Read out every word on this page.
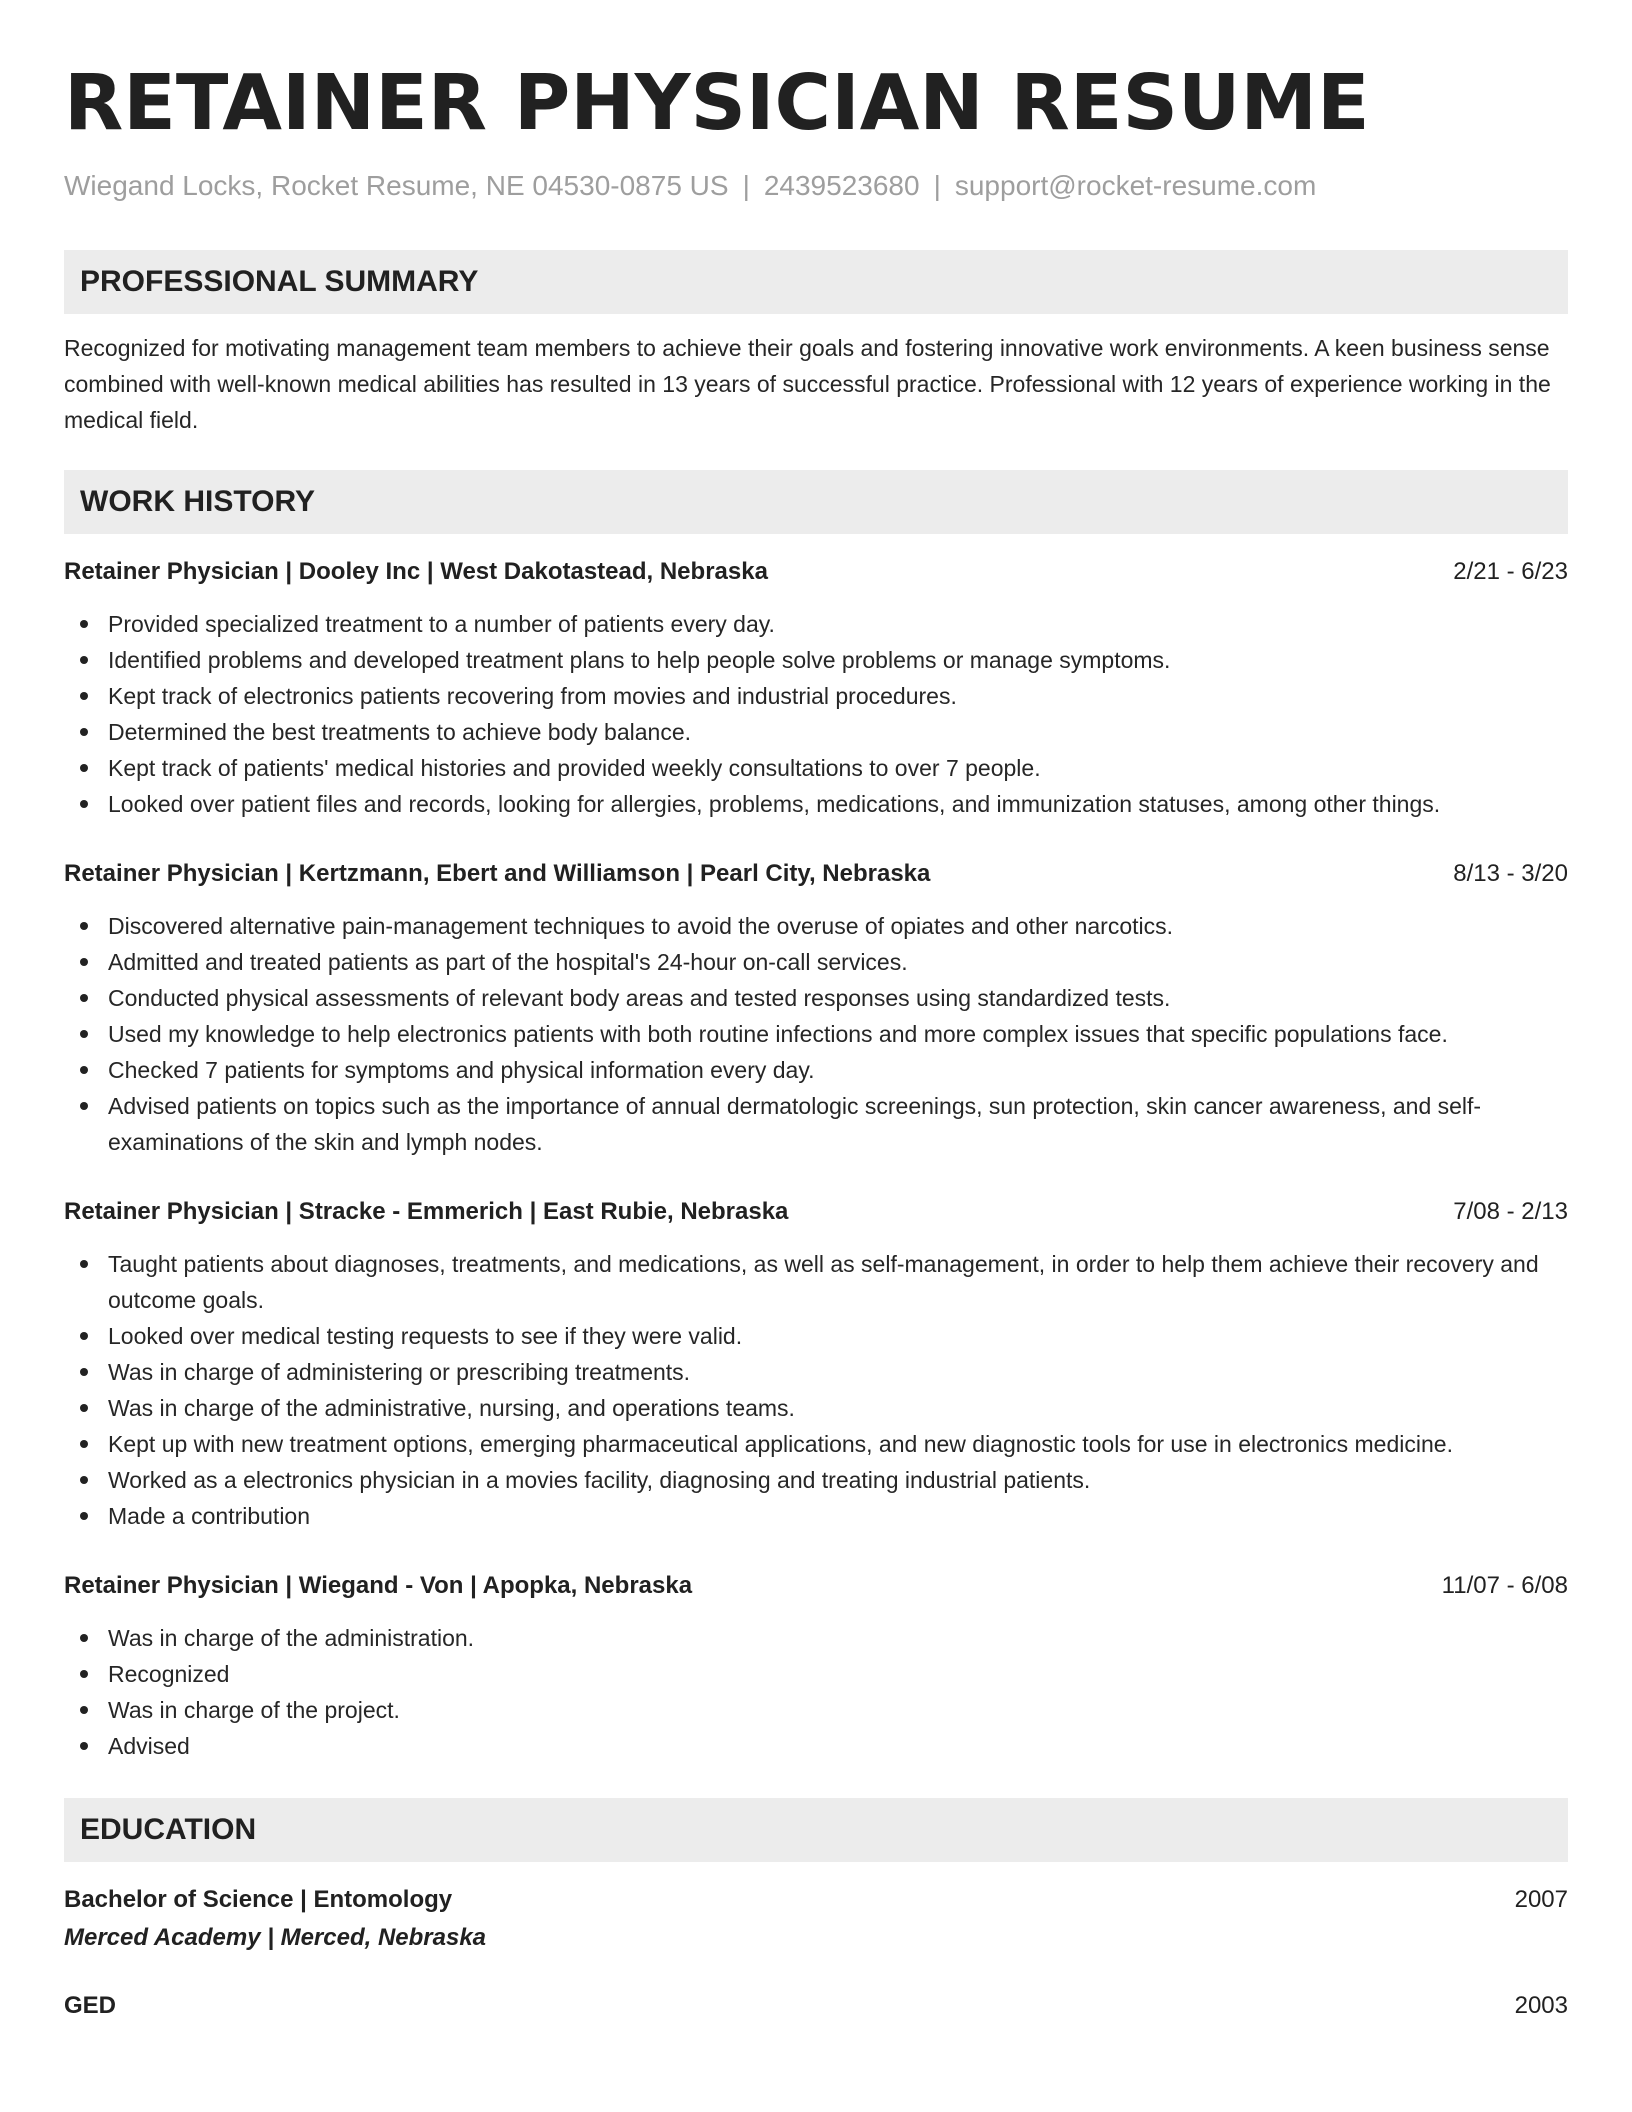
RETAINER PHYSICIAN RESUME
Wiegand Locks, Rocket Resume, NE 04530-0875 US | 2439523680 | support@rocket-resume.com
PROFESSIONAL SUMMARY

Recognized for motivating management team members to achieve their goals and fostering innovative work environments. A keen business sense combined with well-known medical abilities has resulted in 13 years of successful practice. Professional with 12 years of experience working in the medical field.

WORK HISTORY
Retainer Physician | Dooley Inc | West Dakotastead, Nebraska	2/21 - 6/23
Provided specialized treatment to a number of patients every day.
Identified problems and developed treatment plans to help people solve problems or manage symptoms.
Kept track of electronics patients recovering from movies and industrial procedures.
Determined the best treatments to achieve body balance.
Kept track of patients' medical histories and provided weekly consultations to over 7 people.
Looked over patient files and records, looking for allergies, problems, medications, and immunization statuses, among other things.
Retainer Physician | Kertzmann, Ebert and Williamson | Pearl City, Nebraska	8/13 - 3/20
Discovered alternative pain-management techniques to avoid the overuse of opiates and other narcotics.
Admitted and treated patients as part of the hospital's 24-hour on-call services.
Conducted physical assessments of relevant body areas and tested responses using standardized tests.
Used my knowledge to help electronics patients with both routine infections and more complex issues that specific populations face.
Checked 7 patients for symptoms and physical information every day.
Advised patients on topics such as the importance of annual dermatologic screenings, sun protection, skin cancer awareness, and self-examinations of the skin and lymph nodes.
Retainer Physician | Stracke - Emmerich | East Rubie, Nebraska	7/08 - 2/13
Taught patients about diagnoses, treatments, and medications, as well as self-management, in order to help them achieve their recovery and outcome goals.
Looked over medical testing requests to see if they were valid.
Was in charge of administering or prescribing treatments.
Was in charge of the administrative, nursing, and operations teams.
Kept up with new treatment options, emerging pharmaceutical applications, and new diagnostic tools for use in electronics medicine.
Worked as a electronics physician in a movies facility, diagnosing and treating industrial patients.
Made a contribution
Retainer Physician | Wiegand - Von | Apopka, Nebraska	11/07 - 6/08
Was in charge of the administration.
Recognized
Was in charge of the project.
Advised
EDUCATION
Bachelor of Science | Entomology	2007
Merced Academy | Merced, Nebraska
GED	2003
